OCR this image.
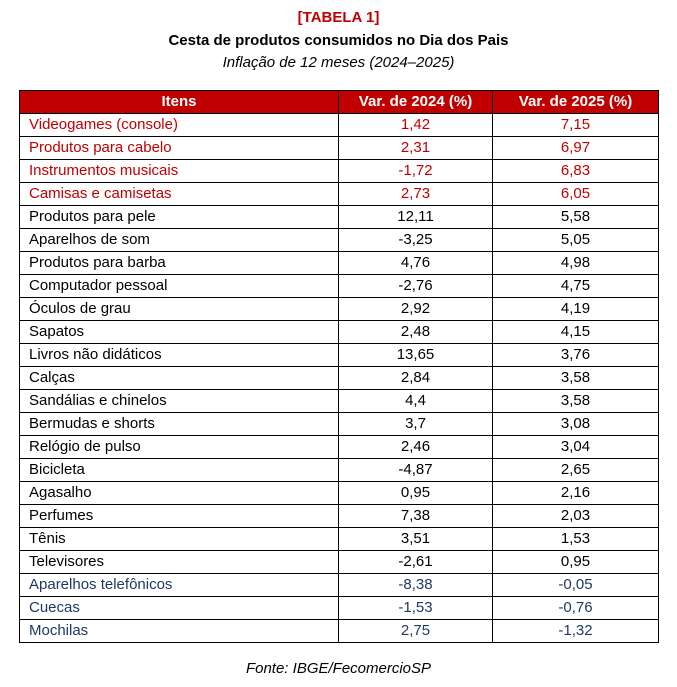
[TABELA 1]
Cesta de produtos consumidos no Dia dos Pais
Inflação de 12 meses (2024–2025)
Itens	Var. de 2024 (%)	Var. de 2025 (%)
Videogames (console)	1,42	7,15
Produtos para cabelo	2,31	6,97
Instrumentos musicais	-1,72	6,83
Camisas e camisetas	2,73	6,05
Produtos para pele	12,11	5,58
Aparelhos de som	-3,25	5,05
Produtos para barba	4,76	4,98
Computador pessoal	-2,76	4,75
Óculos de grau	2,92	4,19
Sapatos	2,48	4,15
Livros não didáticos	13,65	3,76
Calças	2,84	3,58
Sandálias e chinelos	4,4	3,58
Bermudas e shorts	3,7	3,08
Relógio de pulso	2,46	3,04
Bicicleta	-4,87	2,65
Agasalho	0,95	2,16
Perfumes	7,38	2,03
Tênis	3,51	1,53
Televisores	-2,61	0,95
Aparelhos telefônicos	-8,38	-0,05
Cuecas	-1,53	-0,76
Mochilas	2,75	-1,32
Fonte: IBGE/FecomercioSP
